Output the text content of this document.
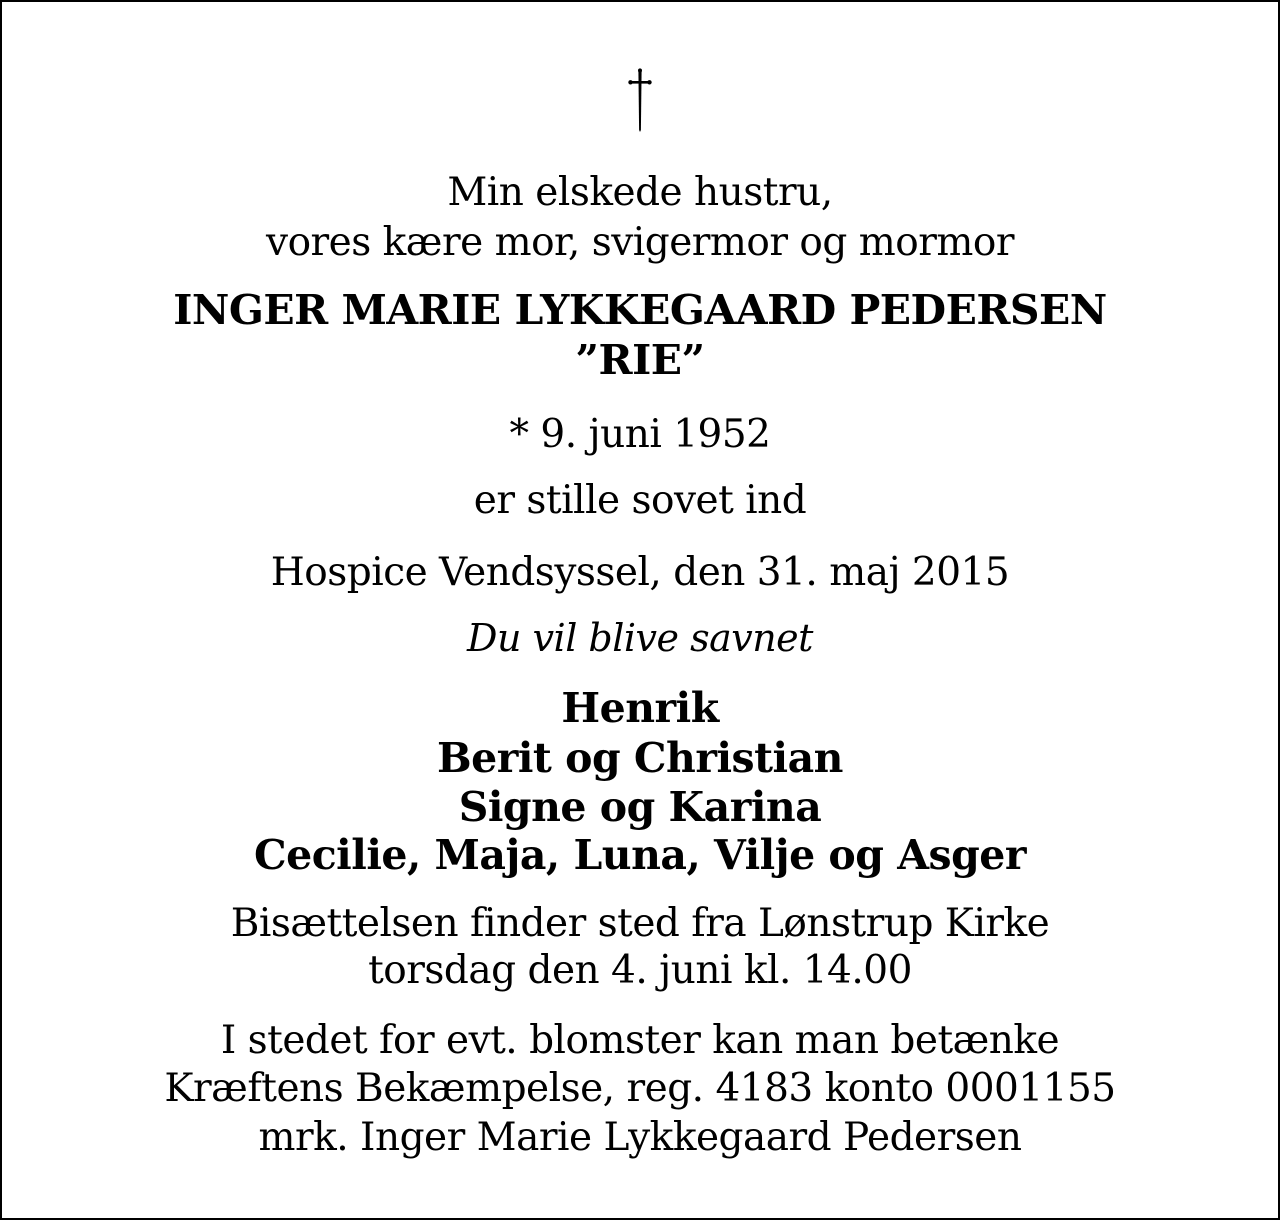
Min elskede hustru,
vores kære mor, svigermor og mormor
INGER MARIE LYKKEGAARD PEDERSEN
”RIE”
* 9. juni 1952
er stille sovet ind
Hospice Vendsyssel, den 31. maj 2015
Du vil blive savnet
Henrik
Berit og Christian
Signe og Karina
Cecilie, Maja, Luna, Vilje og Asger
Bisættelsen finder sted fra Lønstrup Kirke
torsdag den 4. juni kl. 14.00
I stedet for evt. blomster kan man betænke
Kræftens Bekæmpelse, reg. 4183 konto 0001155
mrk. Inger Marie Lykkegaard Pedersen
